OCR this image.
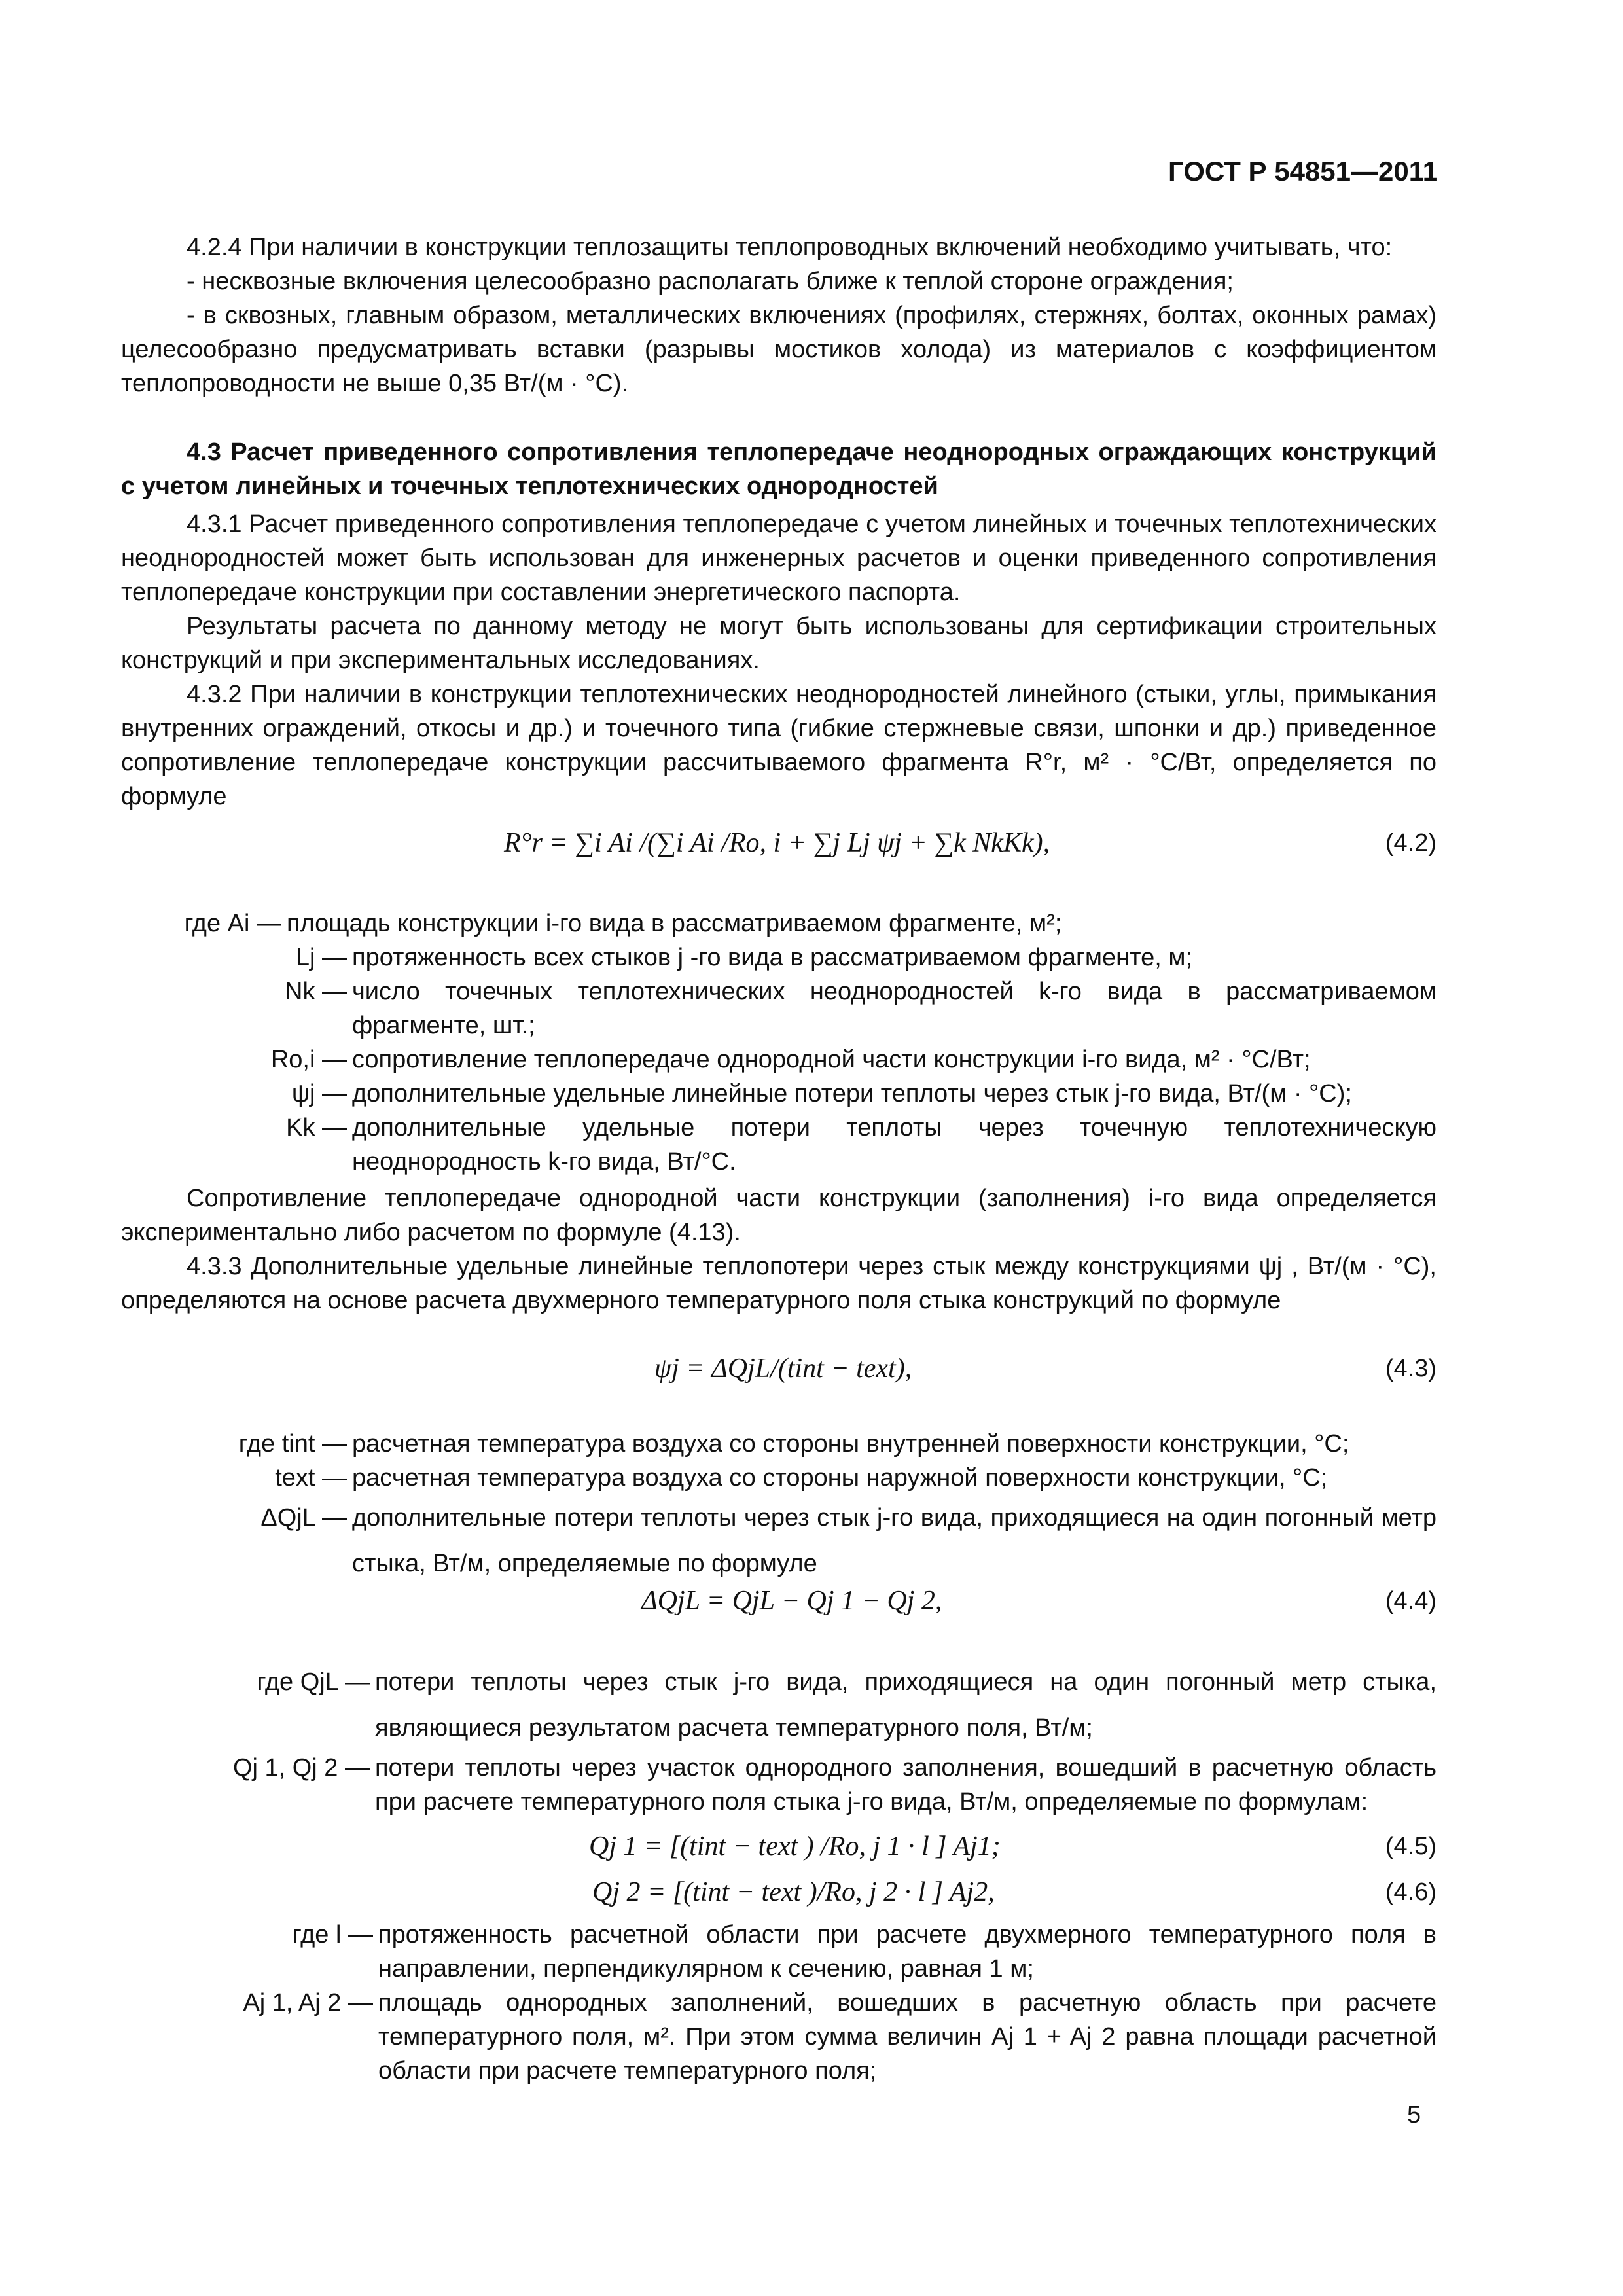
ГОСТ Р 54851—2011

4.2.4 При наличии в конструкции теплозащиты теплопроводных включений необходимо учитывать, что:

- несквозные включения целесообразно располагать ближе к теплой стороне ограждения;

- в сквозных, главным образом, металлических включениях (профилях, стержнях, болтах, оконных рамах) целесообразно предусматривать вставки (разрывы мостиков холода) из материалов с коэффициентом теплопроводности не выше 0,35 Вт/(м · °С).

4.3 Расчет приведенного сопротивления теплопередаче неоднородных ограждающих конструкций с учетом линейных и точечных теплотехнических однородностей

4.3.1 Расчет приведенного сопротивления теплопередаче с учетом линейных и точечных теплотехнических неоднородностей может быть использован для инженерных расчетов и оценки приведенного сопротивления теплопередаче конструкции при составлении энергетического паспорта.

Результаты расчета по данному методу не могут быть использованы для сертификации строительных конструкций и при экспериментальных исследованиях.

4.3.2 При наличии в конструкции теплотехнических неоднородностей линейного (стыки, углы, примыкания внутренних ограждений, откосы и др.) и точечного типа (гибкие стержневые связи, шпонки и др.) приведенное сопротивление теплопередаче конструкции рассчитываемого фрагмента R°r, м² · °С/Вт, определяется по формуле

R°r = ∑i Ai /(∑i Ai /Ro, i + ∑j Lj ψj + ∑k NkKk),	(4.2)
где Ai — площадь конструкции i-го вида в рассматриваемом фрагменте, м²;
Lj — протяженность всех стыков j -го вида в рассматриваемом фрагменте, м;
Nk — число точечных теплотехнических неоднородностей k-го вида в рассматриваемом фрагменте, шт.;
Ro,i — сопротивление теплопередаче однородной части конструкции i-го вида, м² · °С/Вт;
ψj — дополнительные удельные линейные потери теплоты через стык j-го вида, Вт/(м · °С);
Kk — дополнительные удельные потери теплоты через точечную теплотехническую неоднородность k-го вида, Вт/°С.

Сопротивление теплопередаче однородной части конструкции (заполнения) i-го вида определяется экспериментально либо расчетом по формуле (4.13).

4.3.3 Дополнительные удельные линейные теплопотери через стык между конструкциями ψj , Вт/(м · °С), определяются на основе расчета двухмерного температурного поля стыка конструкций по формуле

ψj = ΔQjL/(tint − text),	(4.3)
где tint — расчетная температура воздуха со стороны внутренней поверхности конструкции, °С;
text — расчетная температура воздуха со стороны наружной поверхности конструкции, °С;
ΔQjL — дополнительные потери теплоты через стык j-го вида, приходящиеся на один погонный метр стыка, Вт/м, определяемые по формуле
ΔQjL = QjL − Qj 1 − Qj 2,	(4.4)
где QjL — потери теплоты через стык j-го вида, приходящиеся на один погонный метр стыка, являющиеся результатом расчета температурного поля, Вт/м;
Qj 1, Qj 2 — потери теплоты через участок однородного заполнения, вошедший в расчетную область при расчете температурного поля стыка j-го вида, Вт/м, определяемые по формулам:
Qj 1 = [(tint − text ) /Ro, j 1 · l ] Aj1;	(4.5)
Qj 2 = [(tint − text )/Ro, j 2 · l ] Aj2,	(4.6)
где l — протяженность расчетной области при расчете двухмерного температурного поля в направлении, перпендикулярном к сечению, равная 1 м;
Aj 1, Aj 2 — площадь однородных заполнений, вошедших в расчетную область при расчете температурного поля, м². При этом сумма величин Aj 1 + Aj 2 равна площади расчетной области при расчете температурного поля;
5
